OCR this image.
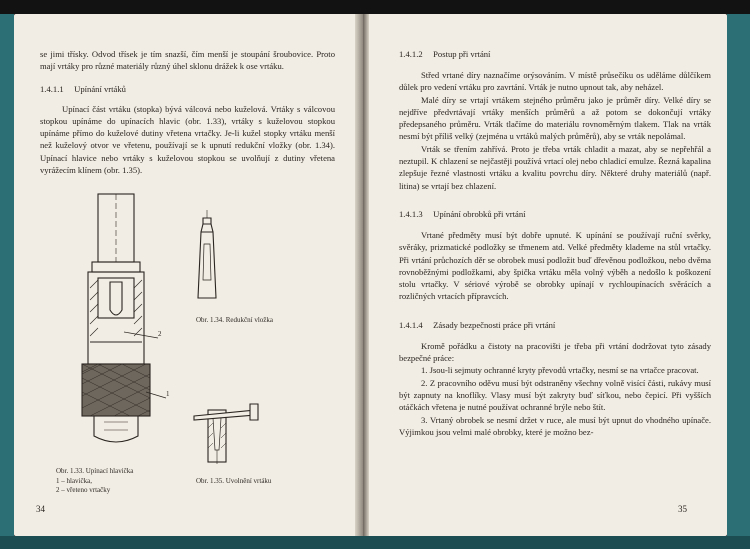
se jimi třísky. Odvod třísek je tím snazší, čím menší je stoupání šroubovice. Proto mají vrtáky pro různé materiály různý úhel sklonu drážek k ose vrtáku.

1.4.1.1 Upínání vrtáků

Upínací část vrtáku (stopka) bývá válcová nebo kuželová. Vrtáky s válcovou stopkou upínáme do upínacích hlavic (obr. 1.33), vrtáky s kuželovou stopkou upínáme přímo do kuželové dutiny vřetena vrtačky. Je-li kužel stopky vrtáku menší než kuželový otvor ve vřetenu, používají se k upnutí redukční vložky (obr. 1.34). Upínací hlavice nebo vrtáky s kuželovou stopkou se uvolňují z dutiny vřetena vyrážecím klínem (obr. 1.35).

2
1
Obr. 1.33. Upínací hlavička
1 – hlavička,
2 – vřeteno vrtačky
Obr. 1.34. Redukční vložka
Obr. 1.35. Uvolnění vrtáku
34
1.4.1.2 Postup při vrtání

Střed vrtané díry naznačíme orýsováním. V místě průsečíku os uděláme důlčíkem důlek pro vedení vrtáku pro zavrtání. Vrták je nutno upnout tak, aby neházel.

Malé díry se vrtají vrtákem stejného průměru jako je průměr díry. Velké díry se nejdříve předvrtávají vrtáky menších průměrů a až potom se dokončují vrtáky předepsaného průměru. Vrták tlačíme do materiálu rovnoměrným tlakem. Tlak na vrták nesmí být příliš velký (zejména u vrtáků malých průměrů), aby se vrták nepolámal.

Vrták se třením zahřívá. Proto je třeba vrták chladit a mazat, aby se nepřehřál a neztupil. K chlazení se nejčastěji používá vrtací olej nebo chladicí emulze. Řezná kapalina zlepšuje řezné vlastnosti vrtáku a kvalitu povrchu díry. Některé druhy materiálů (např. litina) se vrtají bez chlazení.

1.4.1.3 Upínání obrobků při vrtání

Vrtané předměty musí být dobře upnuté. K upínání se používají ruční svěrky, svěráky, prizmatické podložky se třmenem atd. Velké předměty klademe na stůl vrtačky. Při vrtání průchozích děr se obrobek musí podložit buď dřevěnou podložkou, nebo dvěma rovnoběžnými podložkami, aby špička vrtáku měla volný výběh a nedošlo k poškození stolu vrtačky. V sériové výrobě se obrobky upínají v rychloupínacích svěrácích a rozličných vrtacích přípravcích.

1.4.1.4 Zásady bezpečnosti práce při vrtání

Kromě pořádku a čistoty na pracovišti je třeba při vrtání dodržovat tyto zásady bezpečné práce:

1. Jsou-li sejmuty ochranné kryty převodů vrtačky, nesmí se na vrtačce pracovat.

2. Z pracovního oděvu musí být odstraněny všechny volně visící části, rukávy musí být zapnuty na knoflíky. Vlasy musí být zakryty buď síťkou, nebo čepicí. Při vyšších otáčkách vřetena je nutné používat ochranné brýle nebo štít.

3. Vrtaný obrobek se nesmí držet v ruce, ale musí být upnut do vhodného upínače. Výjimkou jsou velmi malé obrobky, které je možno bez-

35
